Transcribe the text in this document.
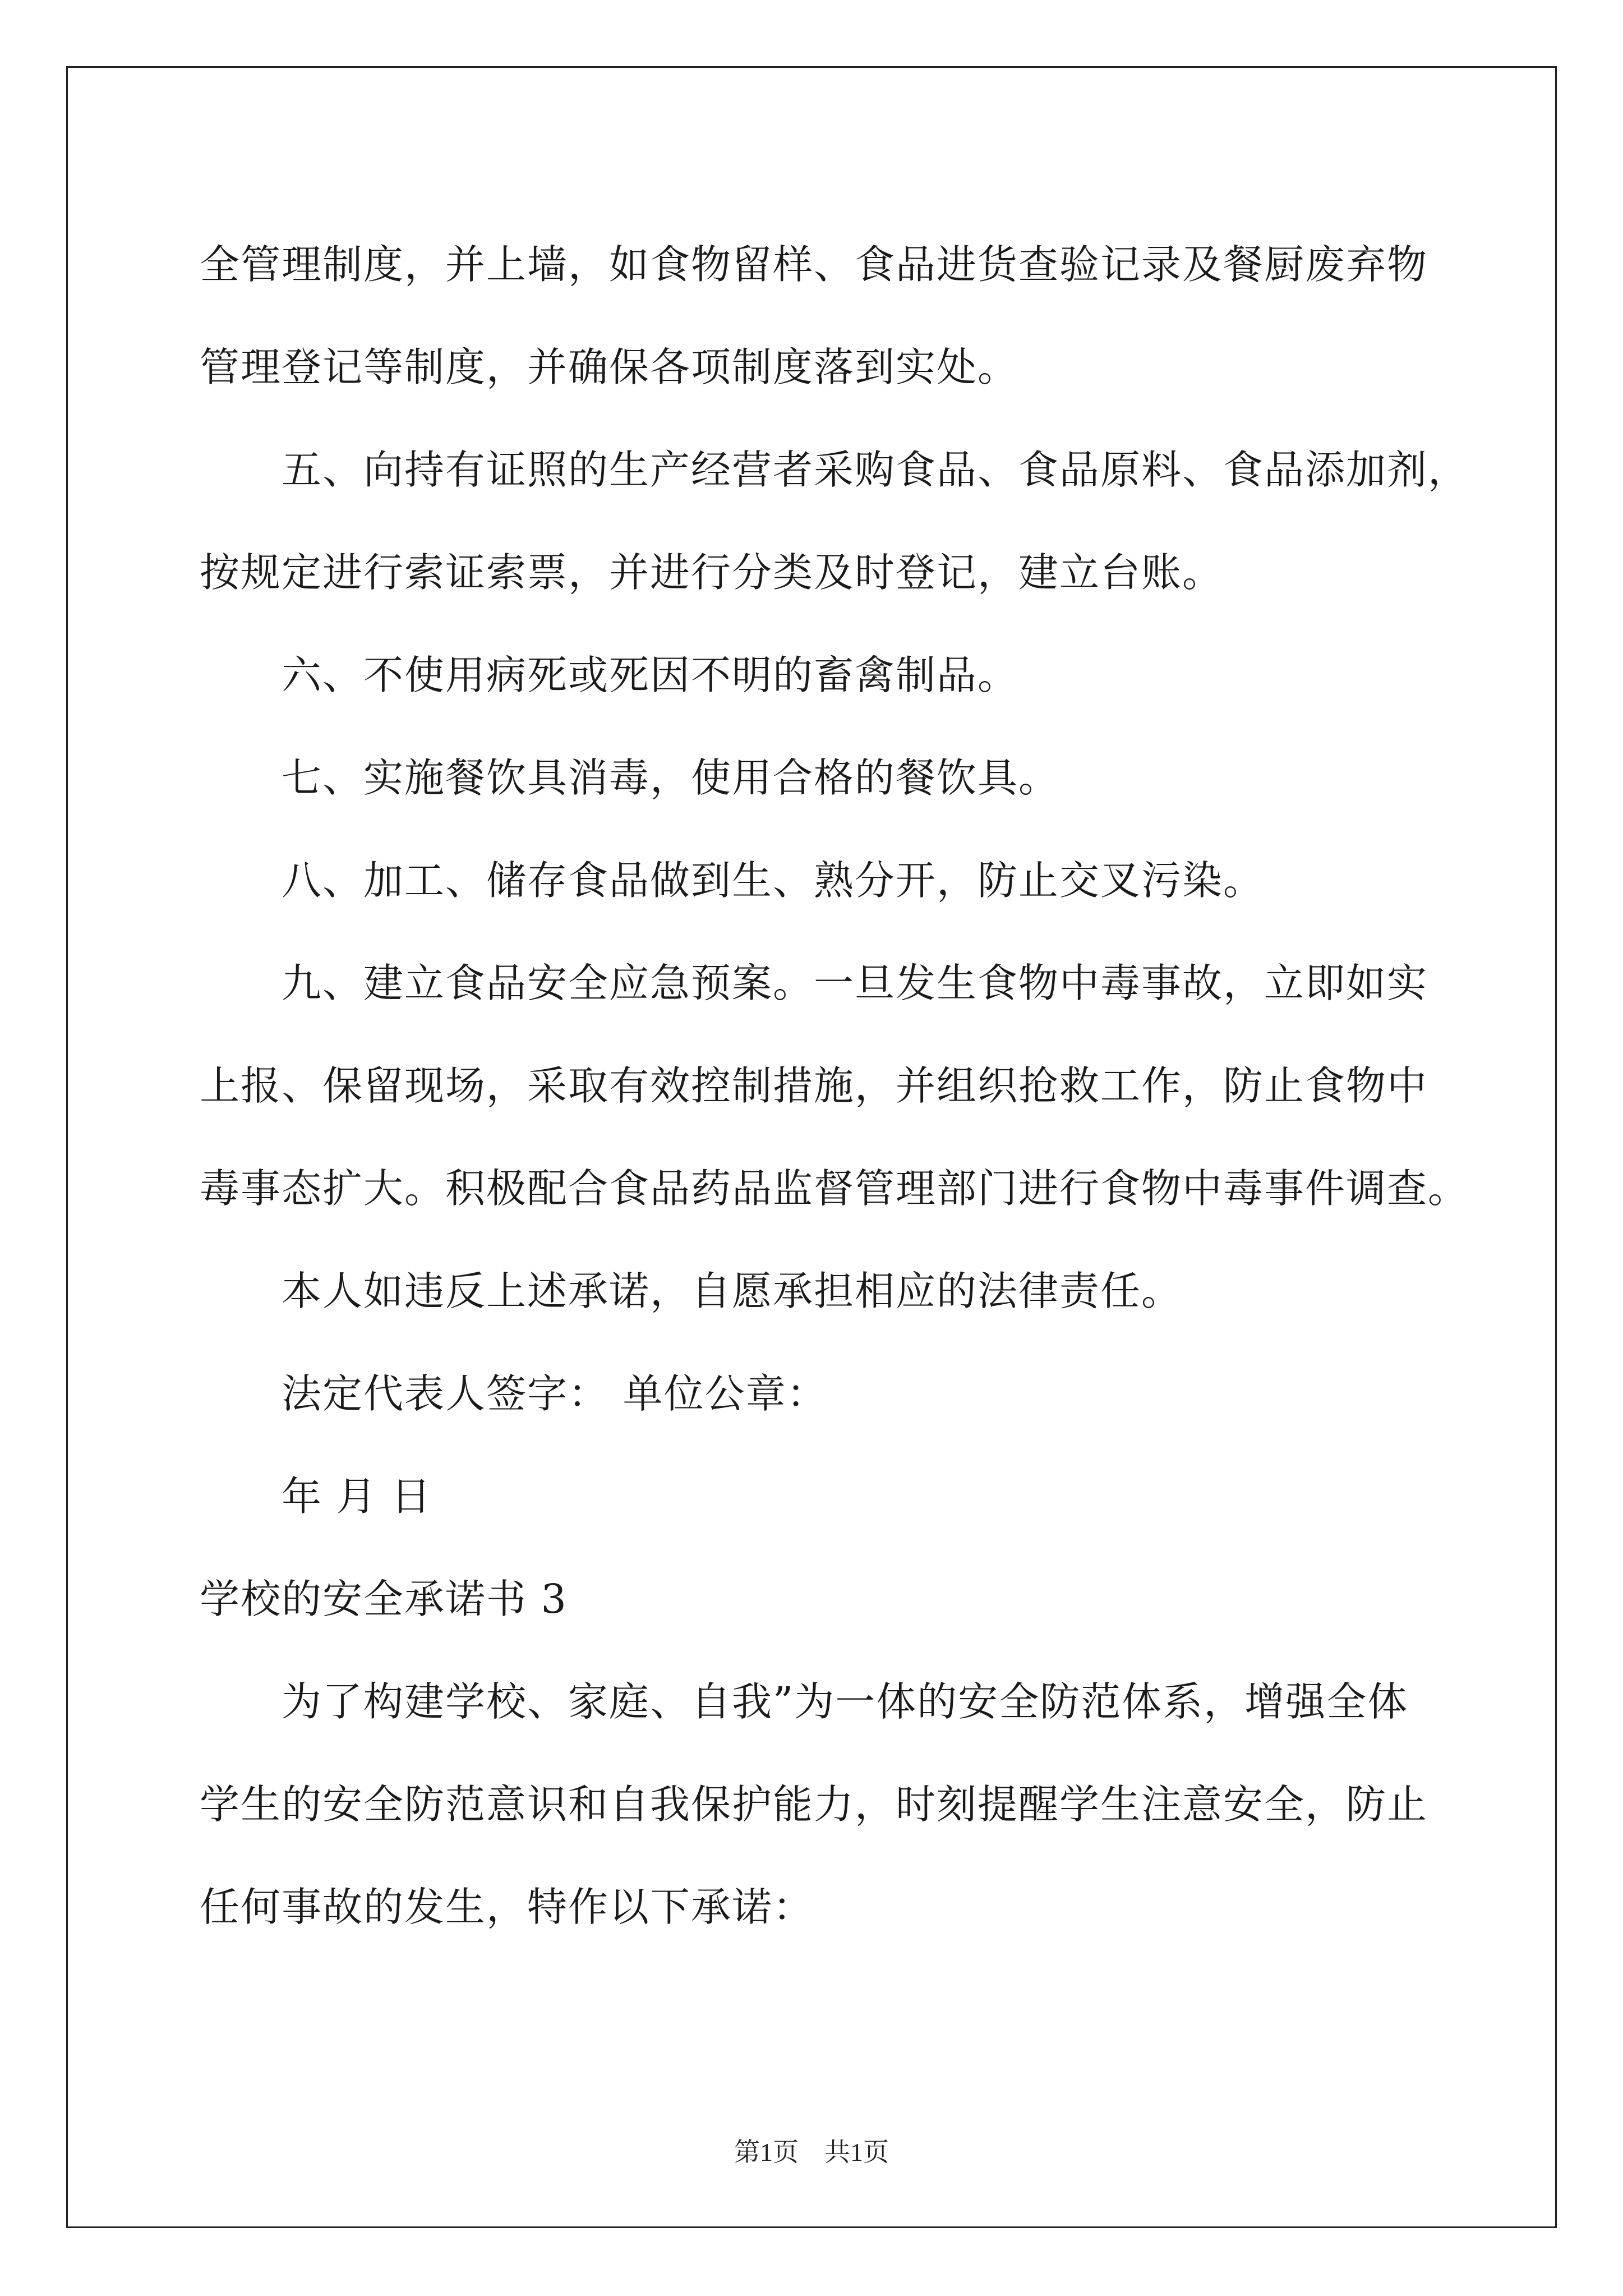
全管理制度，并上墙，如食物留样、食品进货查验记录及餐厨废弃物

管理登记等制度，并确保各项制度落到实处。

五、向持有证照的生产经营者采购食品、食品原料、食品添加剂，

按规定进行索证索票，并进行分类及时登记，建立台账。

六、不使用病死或死因不明的畜禽制品。

七、实施餐饮具消毒，使用合格的餐饮具。

八、加工、储存食品做到生、熟分开，防止交叉污染。

九、建立食品安全应急预案。一旦发生食物中毒事故，立即如实

上报、保留现场，采取有效控制措施，并组织抢救工作，防止食物中

毒事态扩大。积极配合食品药品监督管理部门进行食物中毒事件调查。

本人如违反上述承诺，自愿承担相应的法律责任。

法定代表人签字： 单位公章：

年 月 日

学校的安全承诺书 3

为了构建学校、家庭、自我”为一体的安全防范体系，增强全体

学生的安全防范意识和自我保护能力，时刻提醒学生注意安全，防止

任何事故的发生，特作以下承诺：

第1页　共1页
